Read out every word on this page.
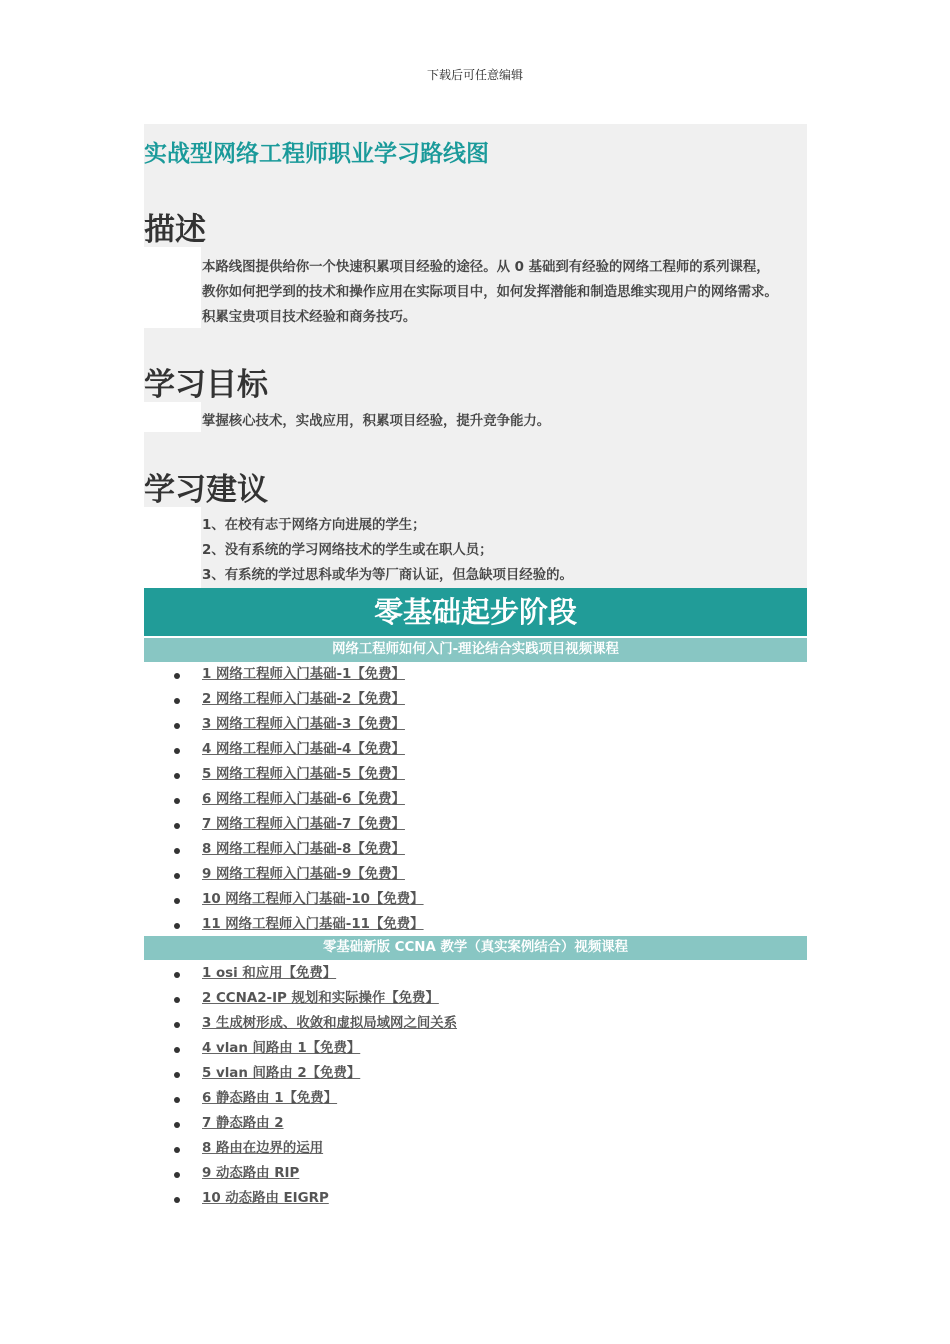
下载后可任意编辑
实战型网络工程师职业学习路线图
描述
本路线图提供给你一个快速积累项目经验的途径。从 0 基础到有经验的网络工程师的系列课程，
教你如何把学到的技术和操作应用在实际项目中，如何发挥潜能和制造思维实现用户的网络需求。
积累宝贵项目技术经验和商务技巧。
学习目标
掌握核心技术，实战应用，积累项目经验，提升竞争能力。
学习建议
1、在校有志于网络方向进展的学生；
2、没有系统的学习网络技术的学生或在职人员；
3、有系统的学过思科或华为等厂商认证，但急缺项目经验的。
零基础起步阶段
网络工程师如何入门-理论结合实践项目视频课程
1 网络工程师入门基础-1【免费】
2 网络工程师入门基础-2【免费】
3 网络工程师入门基础-3【免费】
4 网络工程师入门基础-4【免费】
5 网络工程师入门基础-5【免费】
6 网络工程师入门基础-6【免费】
7 网络工程师入门基础-7【免费】
8 网络工程师入门基础-8【免费】
9 网络工程师入门基础-9【免费】
10 网络工程师入门基础-10【免费】
11 网络工程师入门基础-11【免费】
零基础新版 CCNA 教学（真实案例结合）视频课程
1 osi 和应用【免费】
2 CCNA2-IP 规划和实际操作【免费】
3 生成树形成、收敛和虚拟局域网之间关系
4 vlan 间路由 1【免费】
5 vlan 间路由 2【免费】
6 静态路由 1【免费】
7 静态路由 2
8 路由在边界的运用
9 动态路由 RIP
10 动态路由 EIGRP
